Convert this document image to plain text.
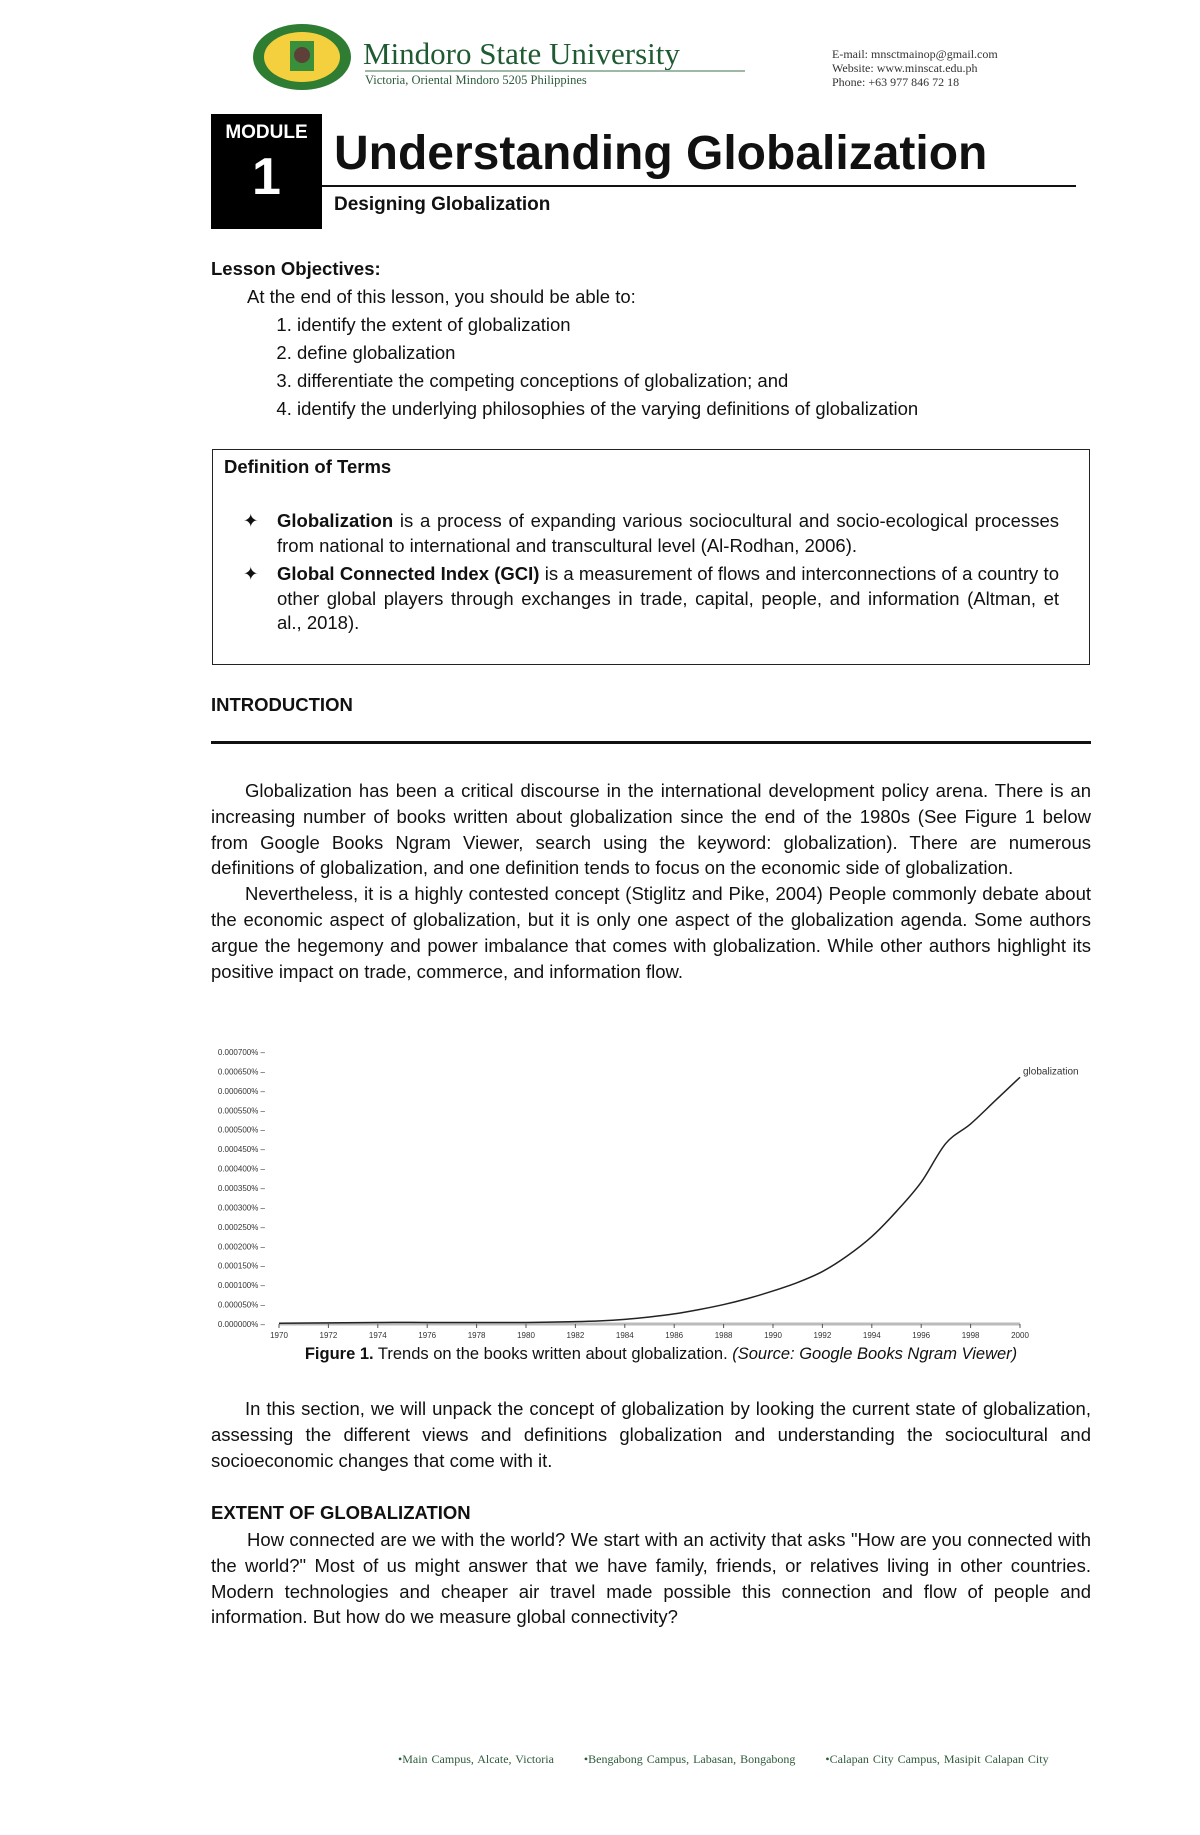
Mindoro State University
Victoria, Oriental Mindoro 5205 Philippines
E-mail: mnsctmainop@gmail.com
Website: www.minscat.edu.ph
Phone: +63 977 846 72 18
MODULE
1	Understanding Globalization
Designing Globalization
Lesson Objectives:
At the end of this lesson, you should be able to:
1. identify the extent of globalization
2. define globalization
3. differentiate the competing conceptions of globalization; and
4. identify the underlying philosophies of the varying definitions of globalization
Definition of Terms
✦ Globalization is a process of expanding various sociocultural and socio-ecological processes from national to international and transcultural level (Al-Rodhan, 2006).
✦ Global Connected Index (GCI) is a measurement of flows and interconnections of a country to other global players through exchanges in trade, capital, people, and information (Altman, et al., 2018).
INTRODUCTION

Globalization has been a critical discourse in the international development policy arena. There is an increasing number of books written about globalization since the end of the 1980s (See Figure 1 below from Google Books Ngram Viewer, search using the keyword: globalization). There are numerous definitions of globalization, and one definition tends to focus on the economic side of globalization.

Nevertheless, it is a highly contested concept (Stiglitz and Pike, 2004) People commonly debate about the economic aspect of globalization, but it is only one aspect of the globalization agenda. Some authors argue the hegemony and power imbalance that comes with globalization. While other authors highlight its positive impact on trade, commerce, and information flow.

0.000000% –
0.000050% –
0.000100% –
0.000150% –
0.000200% –
0.000250% –
0.000300% –
0.000350% –
0.000400% –
0.000450% –
0.000500% –
0.000550% –
0.000600% –
0.000650% –
0.000700% –
1970	1972	1974	1976	1978	1980	1982	1984	1986	1988	1990	1992	1994	1996	1998	2000
globalization
Figure 1. Trends on the books written about globalization. (Source: Google Books Ngram Viewer)

In this section, we will unpack the concept of globalization by looking the current state of globalization, assessing the different views and definitions globalization and understanding the sociocultural and socioeconomic changes that come with it.

EXTENT OF GLOBALIZATION

How connected are we with the world? We start with an activity that asks "How are you connected with the world?" Most of us might answer that we have family, friends, or relatives living in other countries. Modern technologies and cheaper air travel made possible this connection and flow of people and information. But how do we measure global connectivity?

•Main Campus, Alcate, Victoria	•Bengabong Campus, Labasan, Bongabong	•Calapan City Campus, Masipit Calapan City
